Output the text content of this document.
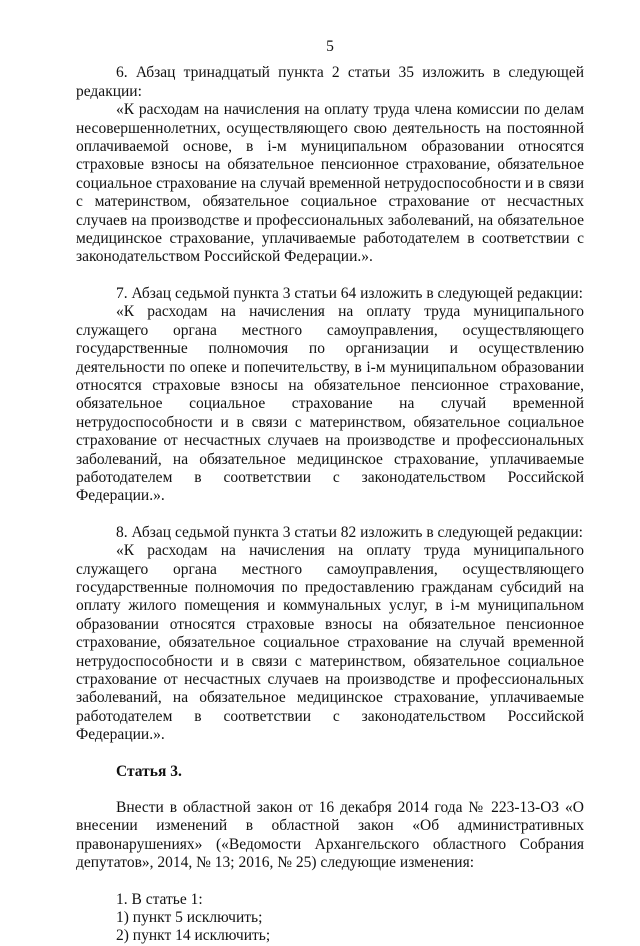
5

6. Абзац тринадцатый пункта 2 статьи 35 изложить в следующей редакции:

«К расходам на начисления на оплату труда члена комиссии по делам несовершеннолетних, осуществляющего свою деятельность на постоянной оплачиваемой основе, в i-м муниципальном образовании относятся страховые взносы на обязательное пенсионное страхование, обязательное социальное страхование на случай временной нетрудоспособности и в связи с материнством, обязательное социальное страхование от несчастных случаев на производстве и профессиональных заболеваний, на обязательное медицинское страхование, уплачиваемые работодателем в соответствии с законодательством Российской Федерации.».

7. Абзац седьмой пункта 3 статьи 64 изложить в следующей редакции:

«К расходам на начисления на оплату труда муниципального служащего органа местного самоуправления, осуществляющего государственные полномочия по организации и осуществлению деятельности по опеке и попечительству, в i-м муниципальном образовании относятся страховые взносы на обязательное пенсионное страхование, обязательное социальное страхование на случай временной нетрудоспособности и в связи с материнством, обязательное социальное страхование от несчастных случаев на производстве и профессиональных заболеваний, на обязательное медицинское страхование, уплачиваемые работодателем в соответствии с законодательством Российской Федерации.».

8. Абзац седьмой пункта 3 статьи 82 изложить в следующей редакции:

«К расходам на начисления на оплату труда муниципального служащего органа местного самоуправления, осуществляющего государственные полномочия по предоставлению гражданам субсидий на оплату жилого помещения и коммунальных услуг, в i-м муниципальном образовании относятся страховые взносы на обязательное пенсионное страхование, обязательное социальное страхование на случай временной нетрудоспособности и в связи с материнством, обязательное социальное страхование от несчастных случаев на производстве и профессиональных заболеваний, на обязательное медицинское страхование, уплачиваемые работодателем в соответствии с законодательством Российской Федерации.».

Статья 3.

Внести в областной закон от 16 декабря 2014 года № 223-13-ОЗ «О внесении изменений в областной закон «Об административных правонарушениях» («Ведомости Архангельского областного Собрания депутатов», 2014, № 13; 2016, № 25) следующие изменения:

1. В статье 1:

1) пункт 5 исключить;

2) пункт 14 исключить;
